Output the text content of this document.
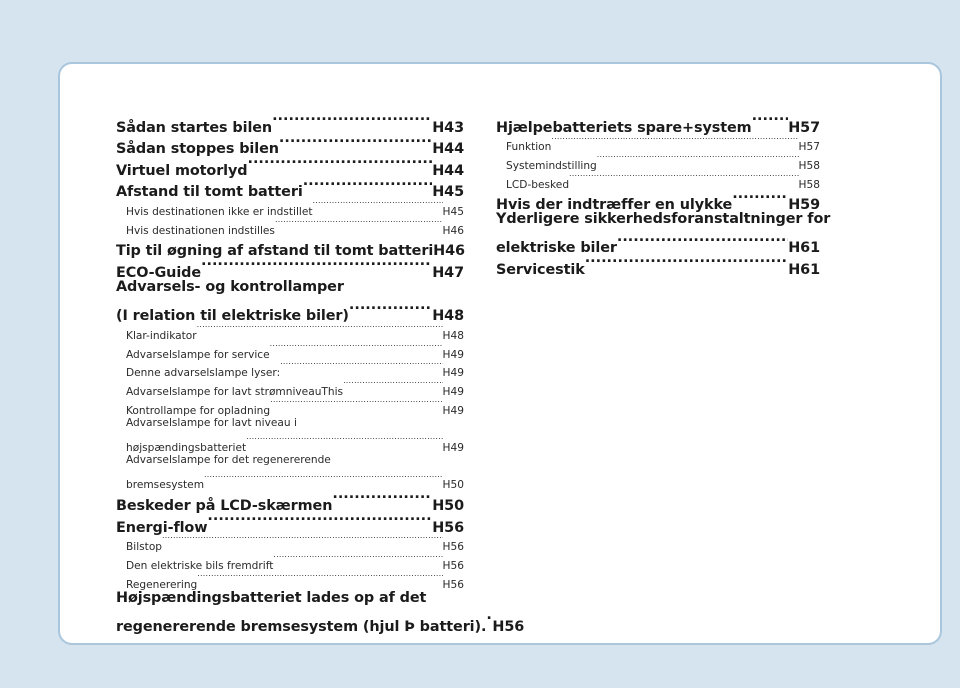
Sådan startes bilen .....	H43
Sådan stoppes bilen .....	H44
Virtuel motorlyd .....	H44
Afstand til tomt batteri .....	H45
Hvis destinationen ikke er indstillet .....	H45
Hvis destinationen indstilles .....	H46
Tip til øgning af afstand til tomt batteri H46
ECO-Guide .....	H47
Advarsels- og kontrollamper
(I relation til elektriske biler) .....	H48
Klar-indikator .....	H48
Advarselslampe for service .....	H49
Denne advarselslampe lyser: .....	H49
Advarselslampe for lavt strømniveauThis .....	H49
Kontrollampe for opladning .....	H49
Advarselslampe for lavt niveau i
højspændingsbatteriet .....	H49
Advarselslampe for det regenererende
bremsesystem .....	H50
Beskeder på LCD-skærmen .....	H50
Energi-flow .....	H56
Bilstop .....	H56
Den elektriske bils fremdrift .....	H56
Regenerering .....	H56
Højspændingsbatteriet lades op af det
regenererende bremsesystem (hjul Þ batteri). ..... H56
Hjælpebatteriets spare+system .....	H57
Funktion .....	H57
Systemindstilling .....	H58
LCD-besked .....	H58
Hvis der indtræffer en ulykke .....	H59
Yderligere sikkerhedsforanstaltninger for
elektriske biler .....	H61
Servicestik .....	H61
